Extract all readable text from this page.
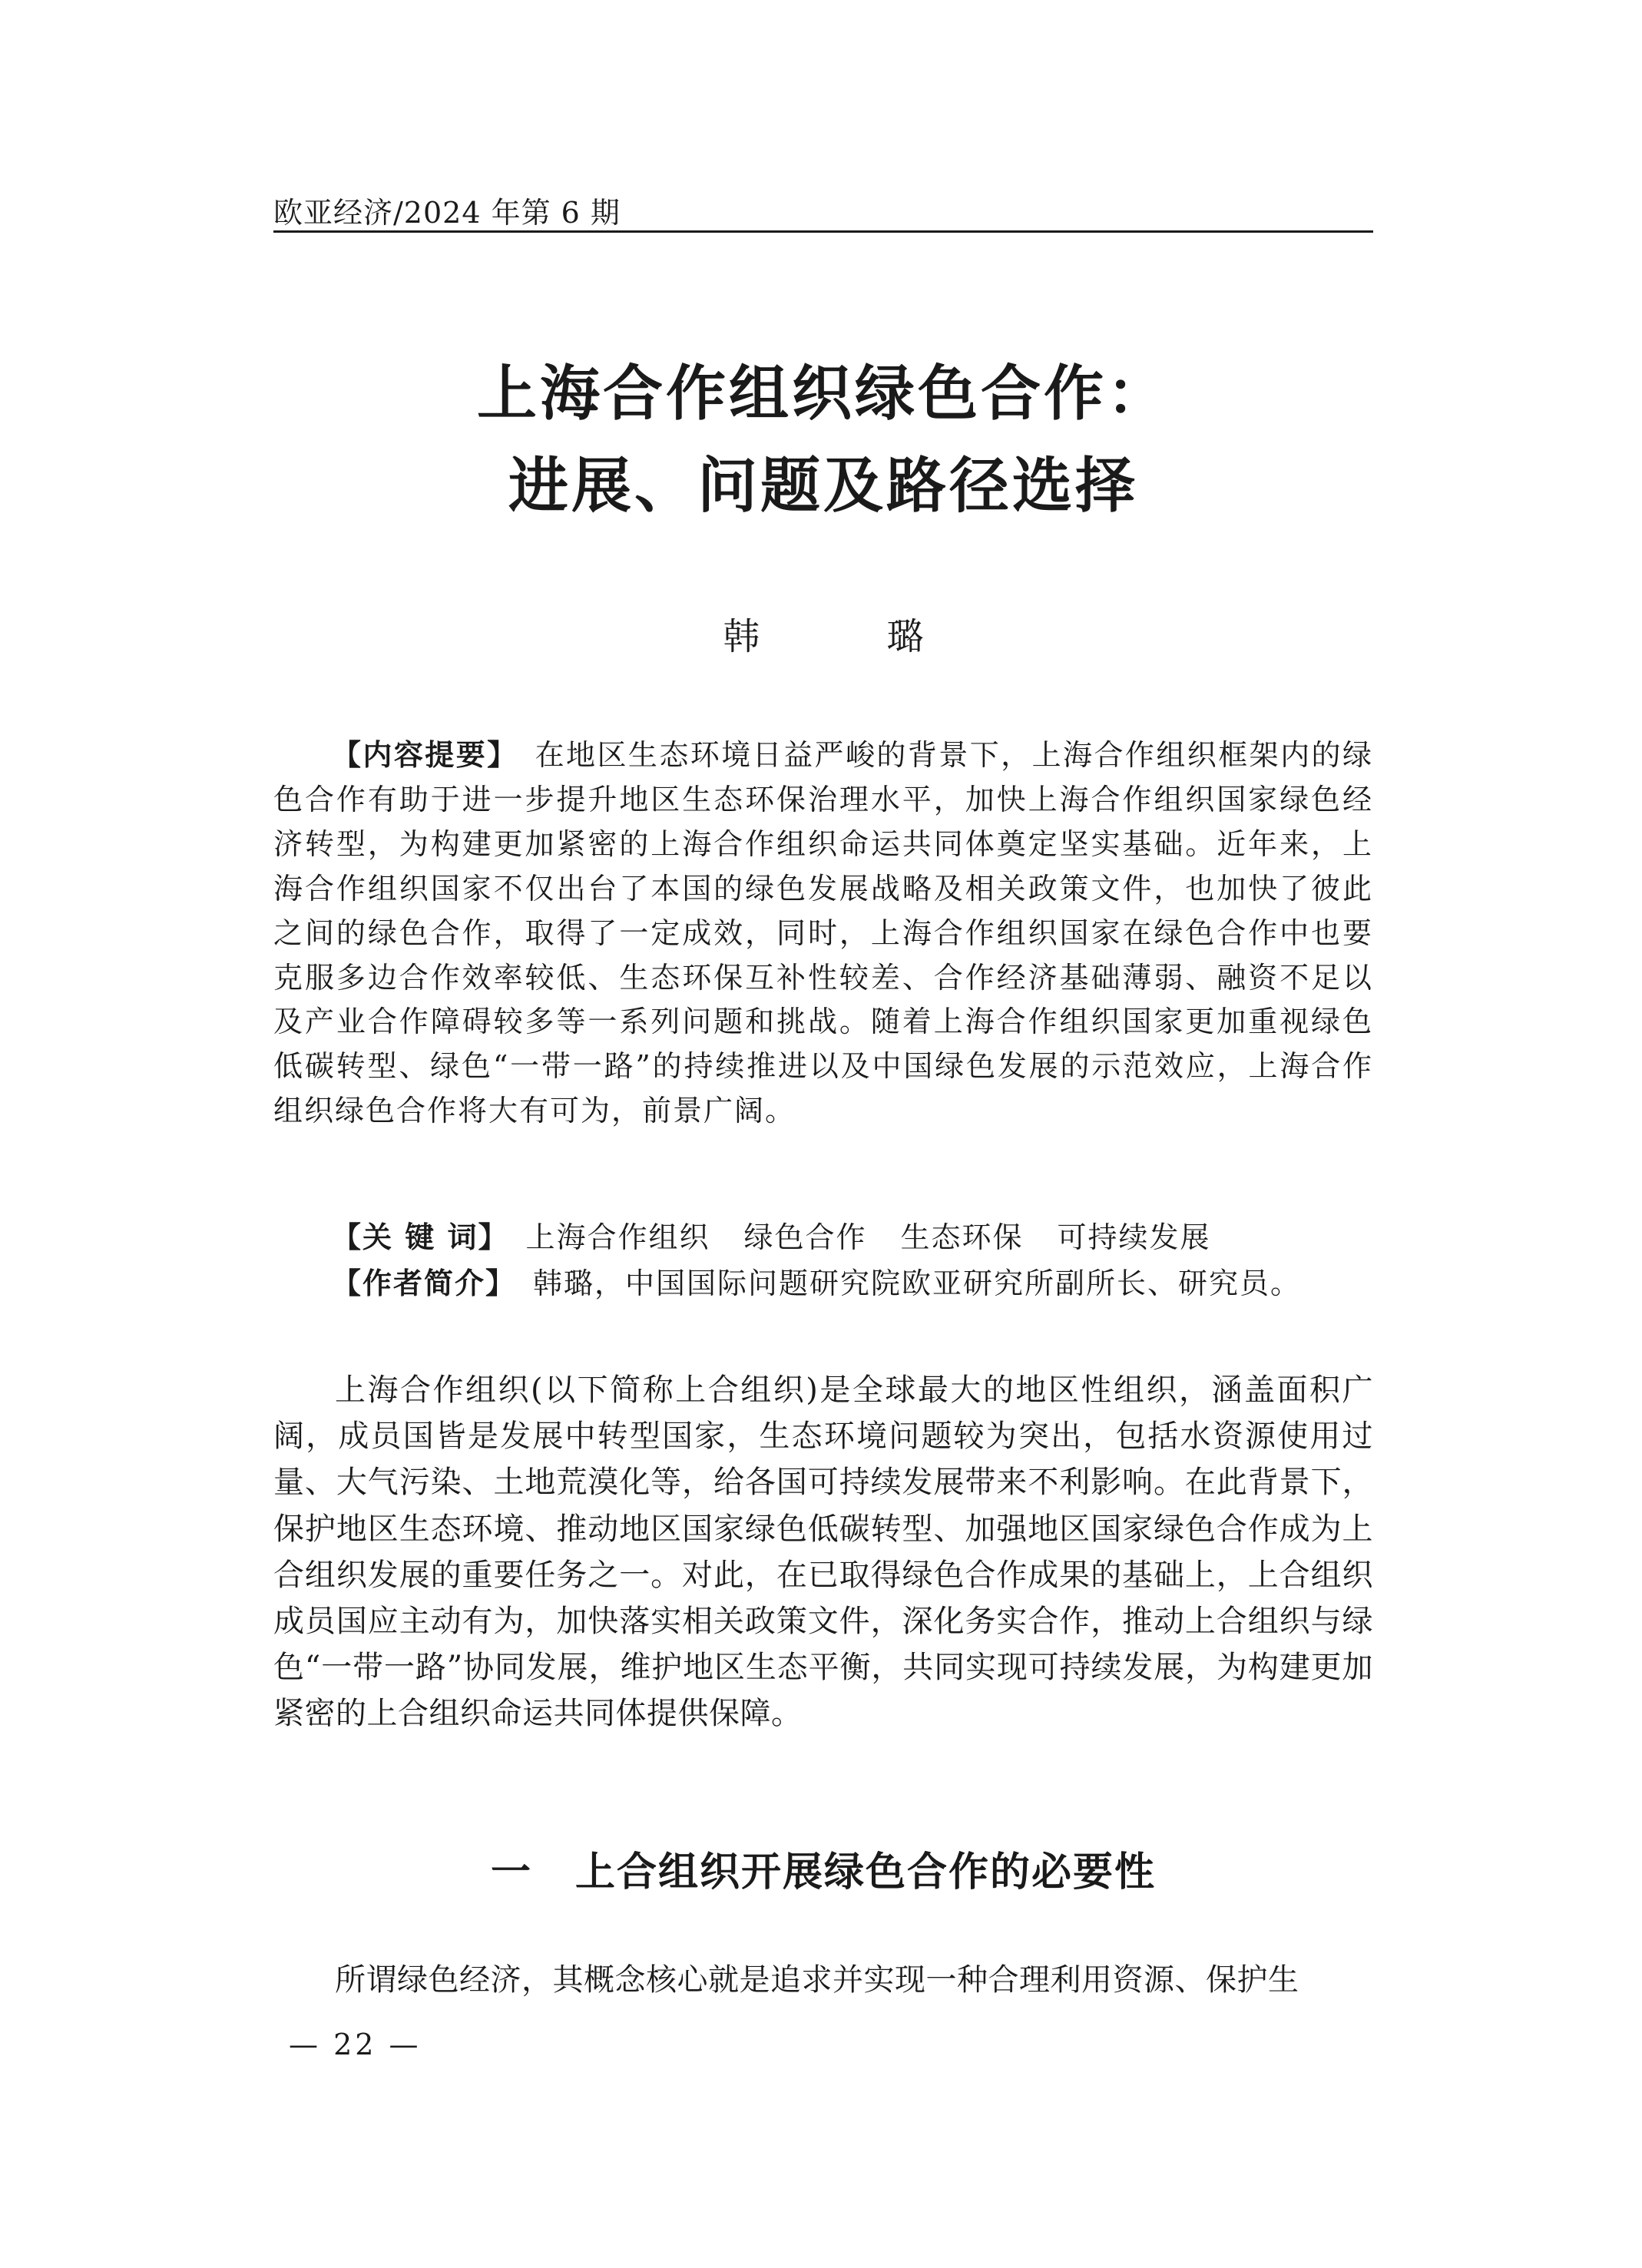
欧亚经济/2024 年第 6 期
上海合作组织绿色合作：
进展、问题及路径选择
韩 璐
【内容提要】 在地区生态环境日益严峻的背景下，上海合作组织框架内的绿色合作有助于进一步提升地区生态环保治理水平，加快上海合作组织国家绿色经济转型，为构建更加紧密的上海合作组织命运共同体奠定坚实基础。近年来，上海合作组织国家不仅出台了本国的绿色发展战略及相关政策文件，也加快了彼此之间的绿色合作，取得了一定成效，同时，上海合作组织国家在绿色合作中也要克服多边合作效率较低、生态环保互补性较差、合作经济基础薄弱、融资不足以及产业合作障碍较多等一系列问题和挑战。随着上海合作组织国家更加重视绿色低碳转型、绿色“一带一路”的持续推进以及中国绿色发展的示范效应，上海合作组织绿色合作将大有可为，前景广阔。
【关 键 词】 上海合作组织 绿色合作 生态环保 可持续发展
【作者简介】 韩璐，中国国际问题研究院欧亚研究所副所长、研究员。
上海合作组织(以下简称上合组织)是全球最大的地区性组织，涵盖面积广阔，成员国皆是发展中转型国家，生态环境问题较为突出，包括水资源使用过量、大气污染、土地荒漠化等，给各国可持续发展带来不利影响。在此背景下，保护地区生态环境、推动地区国家绿色低碳转型、加强地区国家绿色合作成为上合组织发展的重要任务之一。对此，在已取得绿色合作成果的基础上，上合组织成员国应主动有为，加快落实相关政策文件，深化务实合作，推动上合组织与绿色“一带一路”协同发展，维护地区生态平衡，共同实现可持续发展，为构建更加紧密的上合组织命运共同体提供保障。
一 上合组织开展绿色合作的必要性
所谓绿色经济，其概念核心就是追求并实现一种合理利用资源、保护生
— 22 —
